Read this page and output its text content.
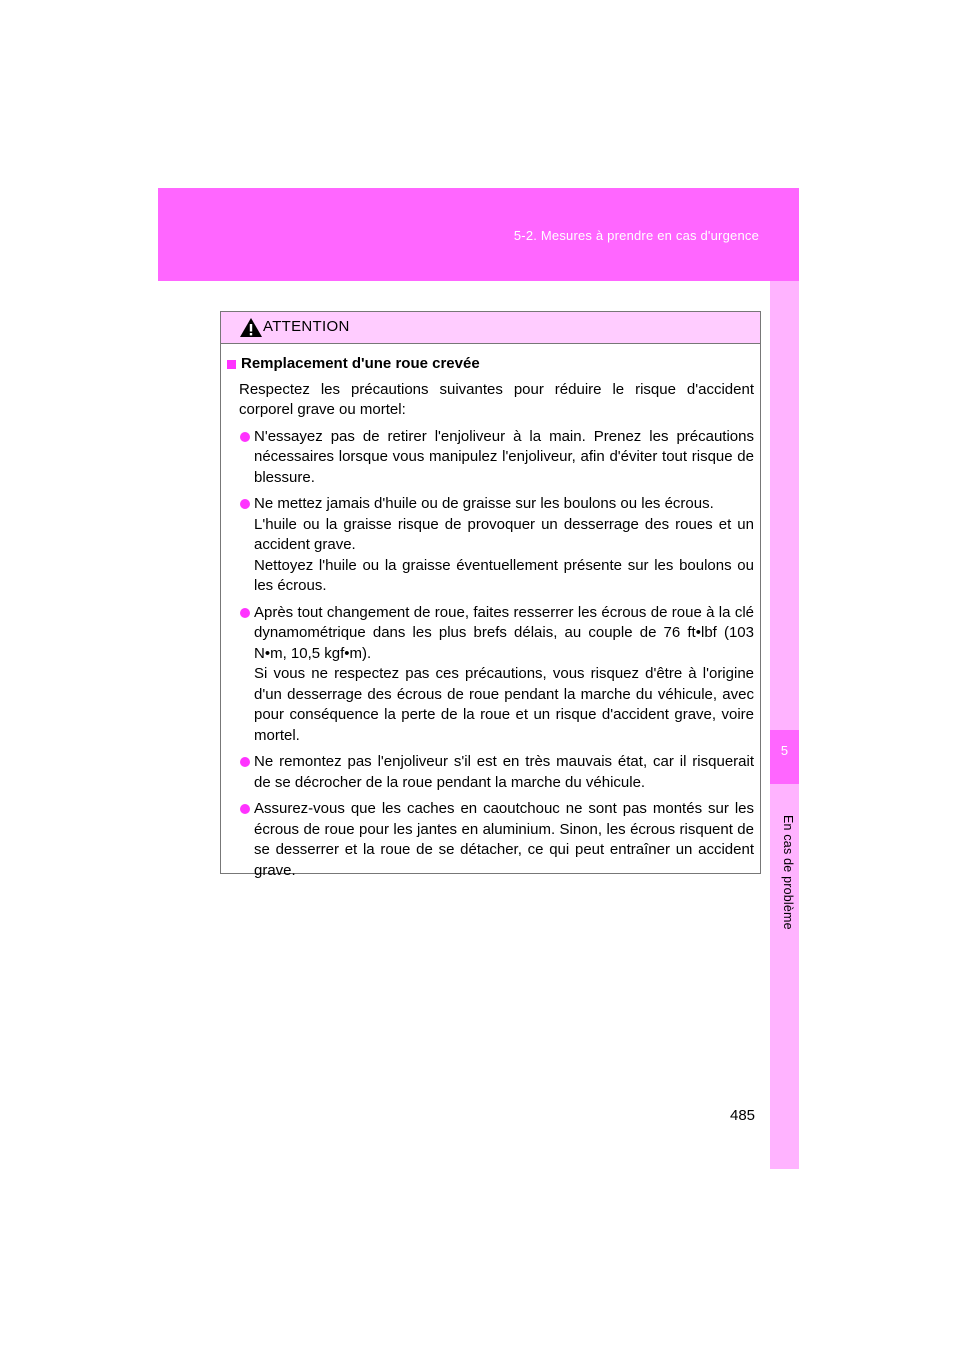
5-2. Mesures à prendre en cas d'urgence
5
En cas de problème
ATTENTION
Remplacement d'une roue crevée
Respectez les précautions suivantes pour réduire le risque d'accident corporel grave ou mortel:

N'essayez pas de retirer l'enjoliveur à la main. Prenez les précautions nécessaires lorsque vous manipulez l'enjoliveur, afin d'éviter tout risque de blessure.

Ne mettez jamais d'huile ou de graisse sur les boulons ou les écrous.

L'huile ou la graisse risque de provoquer un desserrage des roues et un accident grave.

Nettoyez l'huile ou la graisse éventuellement présente sur les boulons ou les écrous.

Après tout changement de roue, faites resserrer les écrous de roue à la clé dynamométrique dans les plus brefs délais, au couple de 76 ft•lbf (103 N•m, 10,5 kgf•m).

Si vous ne respectez pas ces précautions, vous risquez d'être à l'origine d'un desserrage des écrous de roue pendant la marche du véhicule, avec pour conséquence la perte de la roue et un risque d'accident grave, voire mortel.

Ne remontez pas l'enjoliveur s'il est en très mauvais état, car il risquerait de se décrocher de la roue pendant la marche du véhicule.

Assurez-vous que les caches en caoutchouc ne sont pas montés sur les écrous de roue pour les jantes en aluminium. Sinon, les écrous risquent de se desserrer et la roue de se détacher, ce qui peut entraîner un accident grave.

485
